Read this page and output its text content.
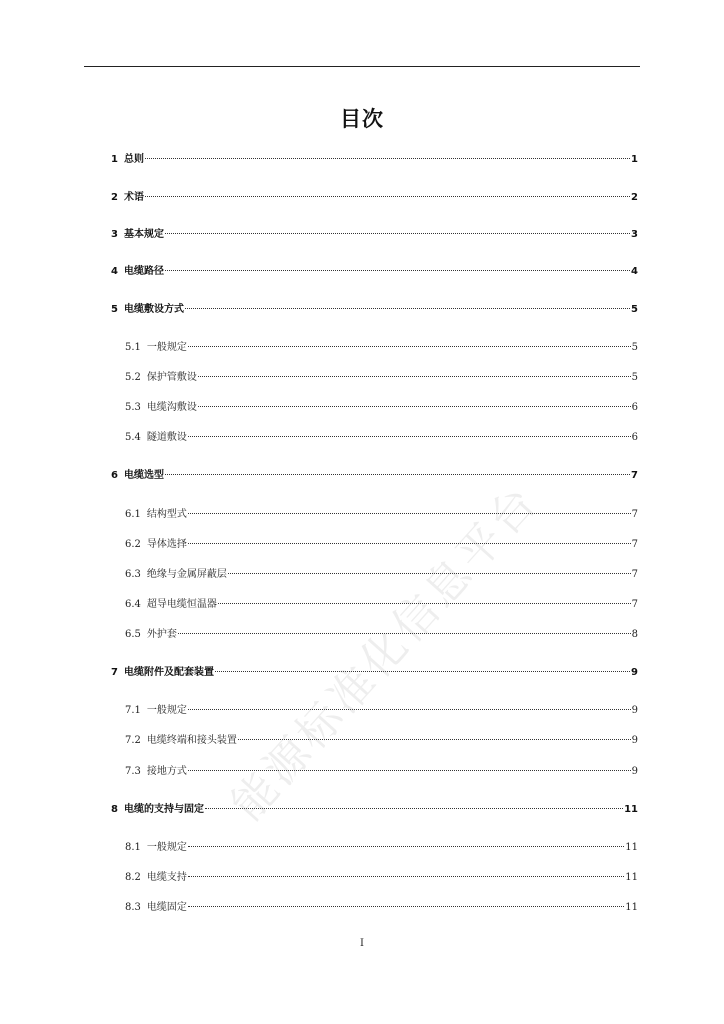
目次
1 总则	1
2 术语	2
3 基本规定	3
4 电缆路径	4
5 电缆敷设方式	5
5.1 一般规定	5
5.2 保护管敷设	5
5.3 电缆沟敷设	6
5.4 隧道敷设	6
6 电缆选型	7
6.1 结构型式	7
6.2 导体选择	7
6.3 绝缘与金属屏蔽层	7
6.4 超导电缆恒温器	7
6.5 外护套	8
7 电缆附件及配套装置	9
7.1 一般规定	9
7.2 电缆终端和接头装置	9
7.3 接地方式	9
8 电缆的支持与固定	11
8.1 一般规定	11
8.2 电缆支持	11
8.3 电缆固定	11
能源标准化信息平台
I
